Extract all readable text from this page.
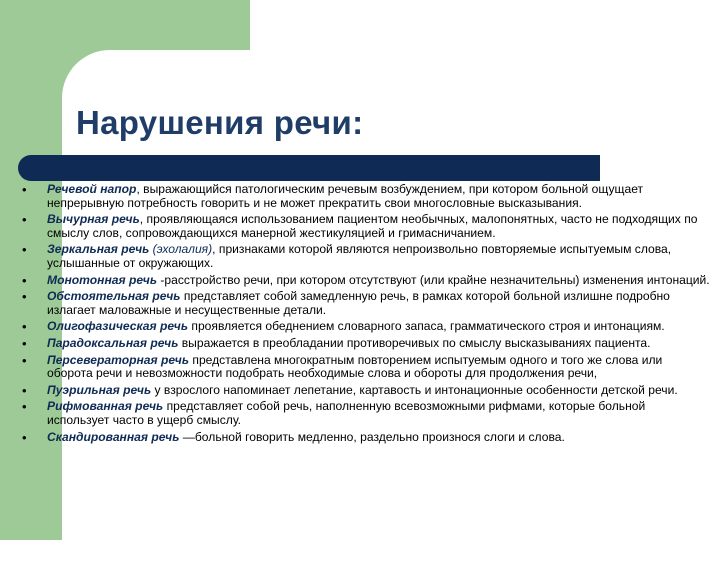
Нарушения речи:
• Речевой напор, выражающийся патологическим речевым возбуждением, при котором больной ощущает непрерывную потребность говорить и не может прекратить свои многословные высказывания.
• Вычурная речь, проявляющаяся использованием пациентом необычных, малопонятных, часто не подходящих по смыслу слов, сопровождающихся манерной жестикуляцией и гримасничанием.
• Зеркальная речь (эхолалия), признаками которой являются непроизвольно повторяемые испытуемым слова, услышанные от окружающих.
• Монотонная речь -расстройство речи, при котором отсутствуют (или крайне незначительны) изменения интонаций.
• Обстоятельная речь представляет собой замедленную речь, в рамках которой больной излишне подробно излагает маловажные и несущественные детали.
• Олигофазическая речь проявляется обеднением словарного запаса, грамматического строя и интонациям.
• Парадоксальная речь выражается в преобладании противоречивых по смыслу высказываниях пациента.
• Персевераторная речь представлена многократным повторением испытуемым одного и того же слова или оборота речи и невозможности подобрать необходимые слова и обороты для продолжения речи,
• Пуэрильная речь у взрослого напоминает лепетание, картавость и интонационные особенности детской речи.
• Рифмованная речь представляет собой речь, наполненную всевозможными рифмами, которые больной использует часто в ущерб смыслу.
• Скандированная речь —больной говорить медленно, раздельно произнося слоги и слова.
